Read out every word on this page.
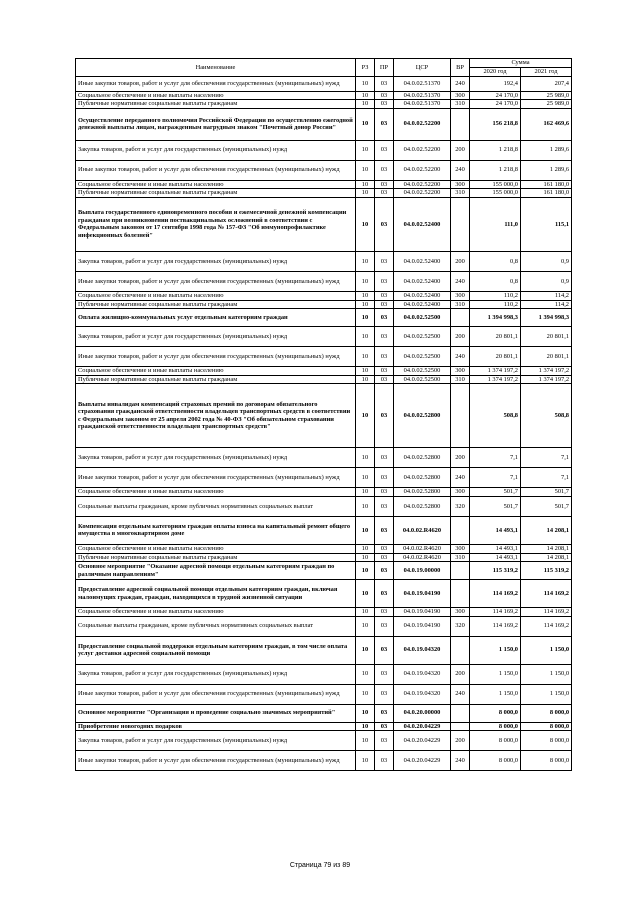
Наименование	РЗ	ПР	ЦСР	ВР	Сумма	
					2020 год	2021 год
Иные закупки товаров, работ и услуг для обеспечения государственных (муниципальных) нужд	10	03	04.0.02.51370	240	192,4	207,4
Социальное обеспечение и иные выплаты населению	10	03	04.0.02.51370	300	24 170,0	25 989,0
Публичные нормативные социальные выплаты гражданам	10	03	04.0.02.51370	310	24 170,0	25 989,0
Осуществление переданного полномочия Российской Федерации по осуществлению ежегодной денежной выплаты лицам, награжденным нагрудным знаком "Почетный донор России"	10	03	04.0.02.52200		156 218,8	162 469,6
Закупка товаров, работ и услуг для государственных (муниципальных) нужд	10	03	04.0.02.52200	200	1 218,8	1 289,6
Иные закупки товаров, работ и услуг для обеспечения государственных (муниципальных) нужд	10	03	04.0.02.52200	240	1 218,8	1 289,6
Социальное обеспечение и иные выплаты населению	10	03	04.0.02.52200	300	155 000,0	161 180,0
Публичные нормативные социальные выплаты гражданам	10	03	04.0.02.52200	310	155 000,0	161 180,0
Выплата государственного единовременного пособия и ежемесячной денежной компенсации гражданам при возникновении поствакцинальных осложнений в соответствии с Федеральным законом от 17 сентября 1998 года № 157-ФЗ "Об иммунопрофилактике инфекционных болезней"	10	03	04.0.02.52400		111,0	115,1
Закупка товаров, работ и услуг для государственных (муниципальных) нужд	10	03	04.0.02.52400	200	0,8	0,9
Иные закупки товаров, работ и услуг для обеспечения государственных (муниципальных) нужд	10	03	04.0.02.52400	240	0,8	0,9
Социальное обеспечение и иные выплаты населению	10	03	04.0.02.52400	300	110,2	114,2
Публичные нормативные социальные выплаты гражданам	10	03	04.0.02.52400	310	110,2	114,2
Оплата жилищно-коммунальных услуг отдельным категориям граждан	10	03	04.0.02.52500		1 394 998,3	1 394 998,3
Закупка товаров, работ и услуг для государственных (муниципальных) нужд	10	03	04.0.02.52500	200	20 801,1	20 801,1
Иные закупки товаров, работ и услуг для обеспечения государственных (муниципальных) нужд	10	03	04.0.02.52500	240	20 801,1	20 801,1
Социальное обеспечение и иные выплаты населению	10	03	04.0.02.52500	300	1 374 197,2	1 374 197,2
Публичные нормативные социальные выплаты гражданам	10	03	04.0.02.52500	310	1 374 197,2	1 374 197,2
Выплаты инвалидам компенсаций страховых премий по договорам обязательного страхования гражданской ответственности владельцев транспортных средств в соответствии с Федеральным законом от 25 апреля 2002 года № 40-ФЗ "Об обязательном страховании гражданской ответственности владельцев транспортных средств"	10	03	04.0.02.52800		508,8	508,8
Закупка товаров, работ и услуг для государственных (муниципальных) нужд	10	03	04.0.02.52800	200	7,1	7,1
Иные закупки товаров, работ и услуг для обеспечения государственных (муниципальных) нужд	10	03	04.0.02.52800	240	7,1	7,1
Социальное обеспечение и иные выплаты населению	10	03	04.0.02.52800	300	501,7	501,7
Социальные выплаты гражданам, кроме публичных нормативных социальных выплат	10	03	04.0.02.52800	320	501,7	501,7
Компенсация отдельным категориям граждан оплаты взноса на капитальный ремонт общего имущества в многоквартирном доме	10	03	04.0.02.R4620		14 493,1	14 208,1
Социальное обеспечение и иные выплаты населению	10	03	04.0.02.R4620	300	14 493,1	14 208,1
Публичные нормативные социальные выплаты гражданам	10	03	04.0.02.R4620	310	14 493,1	14 208,1
Основное мероприятие "Оказание адресной помощи отдельным категориям граждан по различным направлениям"	10	03	04.0.19.00000		115 319,2	115 319,2
Предоставление адресной социальной помощи отдельным категориям граждан, включая малоимущих граждан, граждан, находящихся в трудной жизненной ситуации	10	03	04.0.19.04190		114 169,2	114 169,2
Социальное обеспечение и иные выплаты населению	10	03	04.0.19.04190	300	114 169,2	114 169,2
Социальные выплаты гражданам, кроме публичных нормативных социальных выплат	10	03	04.0.19.04190	320	114 169,2	114 169,2
Предоставление социальной поддержки отдельным категориям граждан, в том числе оплата услуг доставки адресной социальной помощи	10	03	04.0.19.04320		1 150,0	1 150,0
Закупка товаров, работ и услуг для государственных (муниципальных) нужд	10	03	04.0.19.04320	200	1 150,0	1 150,0
Иные закупки товаров, работ и услуг для обеспечения государственных (муниципальных) нужд	10	03	04.0.19.04320	240	1 150,0	1 150,0
Основное мероприятие "Организация и проведение социально значимых мероприятий"	10	03	04.0.20.00000		8 000,0	8 000,0
Приобретение новогодних подарков	10	03	04.0.20.04229		8 000,0	8 000,0
Закупка товаров, работ и услуг для государственных (муниципальных) нужд	10	03	04.0.20.04229	200	8 000,0	8 000,0
Иные закупки товаров, работ и услуг для обеспечения государственных (муниципальных) нужд	10	03	04.0.20.04229	240	8 000,0	8 000,0
Страница 79 из 89
